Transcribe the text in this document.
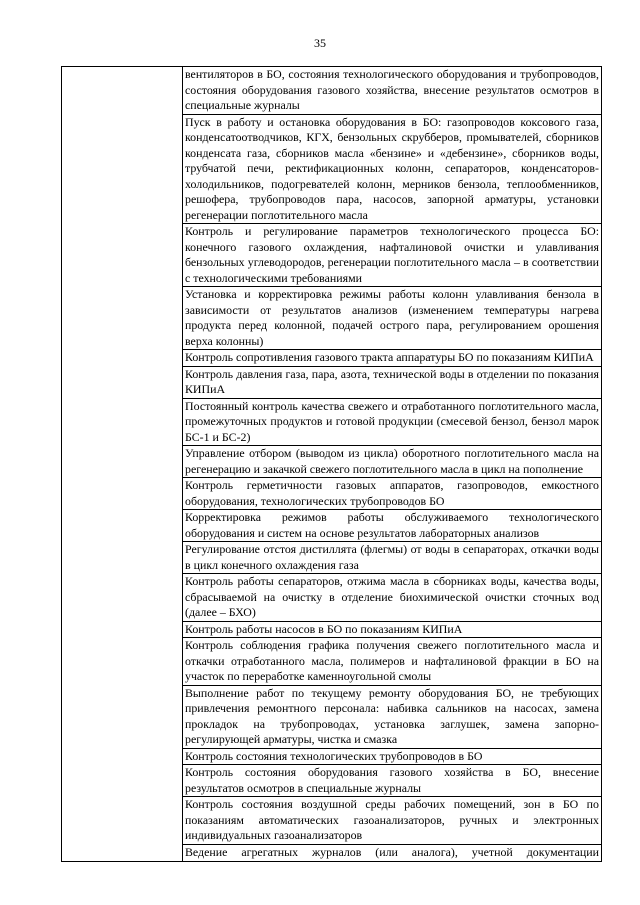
35

вентиляторов в БО, состояния технологического оборудования и трубопроводов, состояния оборудования газового хозяйства, внесение результатов осмотров в специальные журналы

Пуск в работу и остановка оборудования в БО: газопроводов коксового газа, конденсатоотводчиков, КГХ, бензольных скрубберов, промывателей, сборников конденсата газа, сборников масла «бензине» и «дебензине», сборников воды, трубчатой печи, ректификационных колонн, сепараторов, конденсаторов-холодильников, подогревателей колонн, мерников бензола, теплообменников, решофера, трубопроводов пара, насосов, запорной арматуры, установки регенерации поглотительного масла

Контроль и регулирование параметров технологического процесса БО: конечного газового охлаждения, нафталиновой очистки и улавливания бензольных углеводородов, регенерации поглотительного масла – в соответствии с технологическими требованиями

Установка и корректировка режимы работы колонн улавливания бензола в зависимости от результатов анализов (изменением температуры нагрева продукта перед колонной, подачей острого пара, регулированием орошения верха колонны)

Контроль сопротивления газового тракта аппаратуры БО по показаниям КИПиА

Контроль давления газа, пара, азота, технической воды в отделении по показания КИПиА

Постоянный контроль качества свежего и отработанного поглотительного масла, промежуточных продуктов и готовой продукции (смесевой бензол, бензол марок БС-1 и БС-2)

Управление отбором (выводом из цикла) оборотного поглотительного масла на регенерацию и закачкой свежего поглотительного масла в цикл на пополнение

Контроль герметичности газовых аппаратов, газопроводов, емкостного оборудования, технологических трубопроводов БО

Корректировка режимов работы обслуживаемого технологического оборудования и систем на основе результатов лабораторных анализов

Регулирование отстоя дистиллята (флегмы) от воды в сепараторах, откачки воды в цикл конечного охлаждения газа

Контроль работы сепараторов, отжима масла в сборниках воды, качества воды, сбрасываемой на очистку в отделение биохимической очистки сточных вод (далее – БХО)

Контроль работы насосов в БО по показаниям КИПиА

Контроль соблюдения графика получения свежего поглотительного масла и откачки отработанного масла, полимеров и нафталиновой фракции в БО на участок по переработке каменноугольной смолы

Выполнение работ по текущему ремонту оборудования БО, не требующих привлечения ремонтного персонала: набивка сальников на насосах, замена прокладок на трубопроводах, установка заглушек, замена запорно-регулирующей арматуры, чистка и смазка

Контроль состояния технологических трубопроводов в БО

Контроль состояния оборудования газового хозяйства в БО, внесение результатов осмотров в специальные журналы

Контроль состояния воздушной среды рабочих помещений, зон в БО по показаниям автоматических газоанализаторов, ручных и электронных индивидуальных газоанализаторов

Ведение агрегатных журналов (или аналога), учетной документации
